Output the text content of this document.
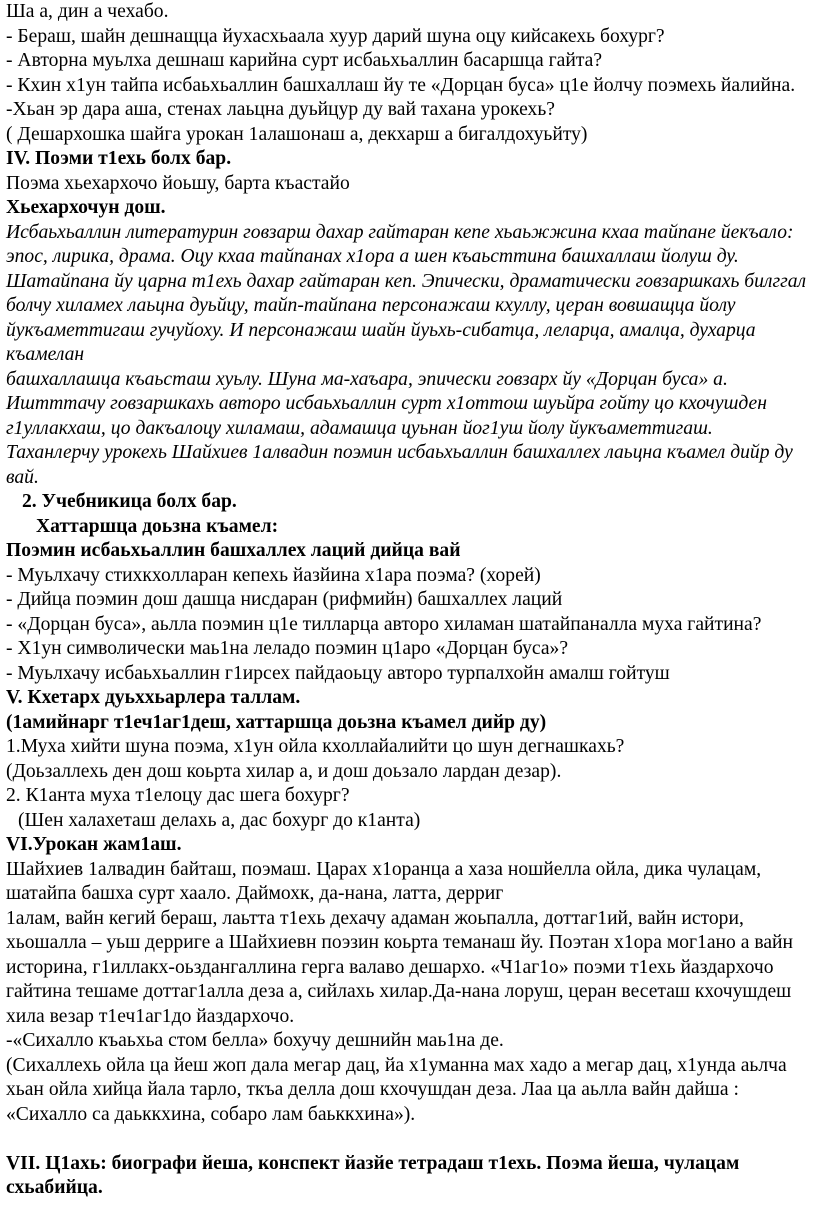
Ша а, дин а чехабо.
- Бераш, шайн дешнащца йухасхьаала хуур дарий шуна оцу кийсакехь бохург?
- Авторна муьлха дешнаш карийна сурт исбаьхьаллин басаршца гайта?
- Кхин х1ун тайпа исбаьхьаллин башхаллаш йу те «Дорцан буса» ц1е йолчу поэмехь йалийна.
-Хьан эр дара аша, стенах лаьцна дуьйцур ду вай тахана урокехь?
( Дешархошка шайга урокан 1алашонаш а, декхарш а бигалдохуьйту)
IV. Поэми т1ехь болх бар.
Поэма хьехархочо йоьшу, барта къастайо
Хьехархочун дош.
Исбаьхьаллин литературин говзарш дахар гайтаран кепе хьаьжжина кхаа тайпане йекъало: эпос, лирика, драма. Оцу кхаа тайпанах х1ора а шен къаьсттина башхаллаш йолуш ду. Шатайпана йу царна т1ехь дахар гайтаран кеп. Эпически, драматически говзаршкахь билггал болчу хиламех лаьцна дуьйцу, тайп-тайпана персонажаш кхуллу, церан вовшащца йолу йукъаметтигаш гучуйоху. И персонажаш шайн йуьхь-сибатца, леларца, амалца, духарца къамелан
башхаллашца къаьсташ хуьлу. Шуна ма-хаъара, эпически говзарх йу «Дорцан буса» а. Иштттачу говзаршкахь авторо исбаьхьаллин сурт х1оттош шуьйра гойту цо кхочушден г1уллакхаш, цо дакъалоцу хиламаш, адамашца цуьнан йог1уш йолу йукъаметтигаш. Таханлерчу урокехь Шайхиев 1алвадин поэмин исбаьхьаллин башхаллех лаьцна къамел дийр ду вай.
2. Учебникица болх бар.
Хаттаршца доьзна къамел:
Поэмин исбаьхьаллин башхаллех лаций дийца вай
- Муьлхачу стихкхолларан кепехь йазйина х1ара поэма? (хорей)
- Дийца поэмин дош дашца нисдаран (рифмийн) башхаллех лаций
- «Дорцан буса», аьлла поэмин ц1е тилларца авторо хиламан шатайпаналла муха гайтина?
- Х1ун символически маь1на леладо поэмин ц1аро «Дорцан буса»?
- Муьлхачу исбаьхьаллин г1ирсех пайдаоьцу авторо турпалхойн амалш гойтуш
V. Кхетарх дуьххьарлера таллам.
(1амийнарг т1еч1аг1деш, хаттаршца доьзна къамел дийр ду)
1.Муха хийти шуна поэма, х1ун ойла кхоллайалийти цо шун дегнашкахь?
(Доьзаллехь ден дош коьрта хилар а, и дош доьзало лардан дезар).
2. К1анта муха т1елоцу дас шега бохург?
(Шен халахеташ делахь а, дас бохург до к1анта)
VI.Урокан жам1аш.
Шайхиев 1алвадин байташ, поэмаш. Царах х1оранца а хаза ношйелла ойла, дика чулацам, шатайпа башха сурт хаало. Даймохк, да-нана, латта, дерриг
1алам, вайн кегий бераш, лаьтта т1ехь дехачу адаман жоьпалла, доттаг1ий, вайн истори, хьошалла – уьш дерриге а Шайхиевн поэзин коьрта теманаш йу. Поэтан х1ора мог1ано а вайн историна, г1иллакх-оьздангаллина герга валаво дешархо. «Ч1аг1о» поэми т1ехь йаздархочо гайтина тешаме доттаг1алла деза а, сийлахь хилар.Да-нана лоруш, церан весеташ кхочушдеш хила везар т1еч1аг1до йаздархочо.
-«Сихалло къаьхьа стом белла» бохучу дешнийн маь1на де.
(Сихаллехь ойла ца йеш жоп дала мегар дац, йа х1уманна мах хадо а мегар дац, х1унда аьлча хьан ойла хийца йала тарло, ткъа делла дош кхочушдан деза. Лаа ца аьлла вайн дайша : «Сихалло са даьккхина, собаро лам баьккхина»).
VII. Ц1ахь: биографи йеша, конспект йазйе тетрадаш т1ехь. Поэма йеша, чулацам схьабийца.
